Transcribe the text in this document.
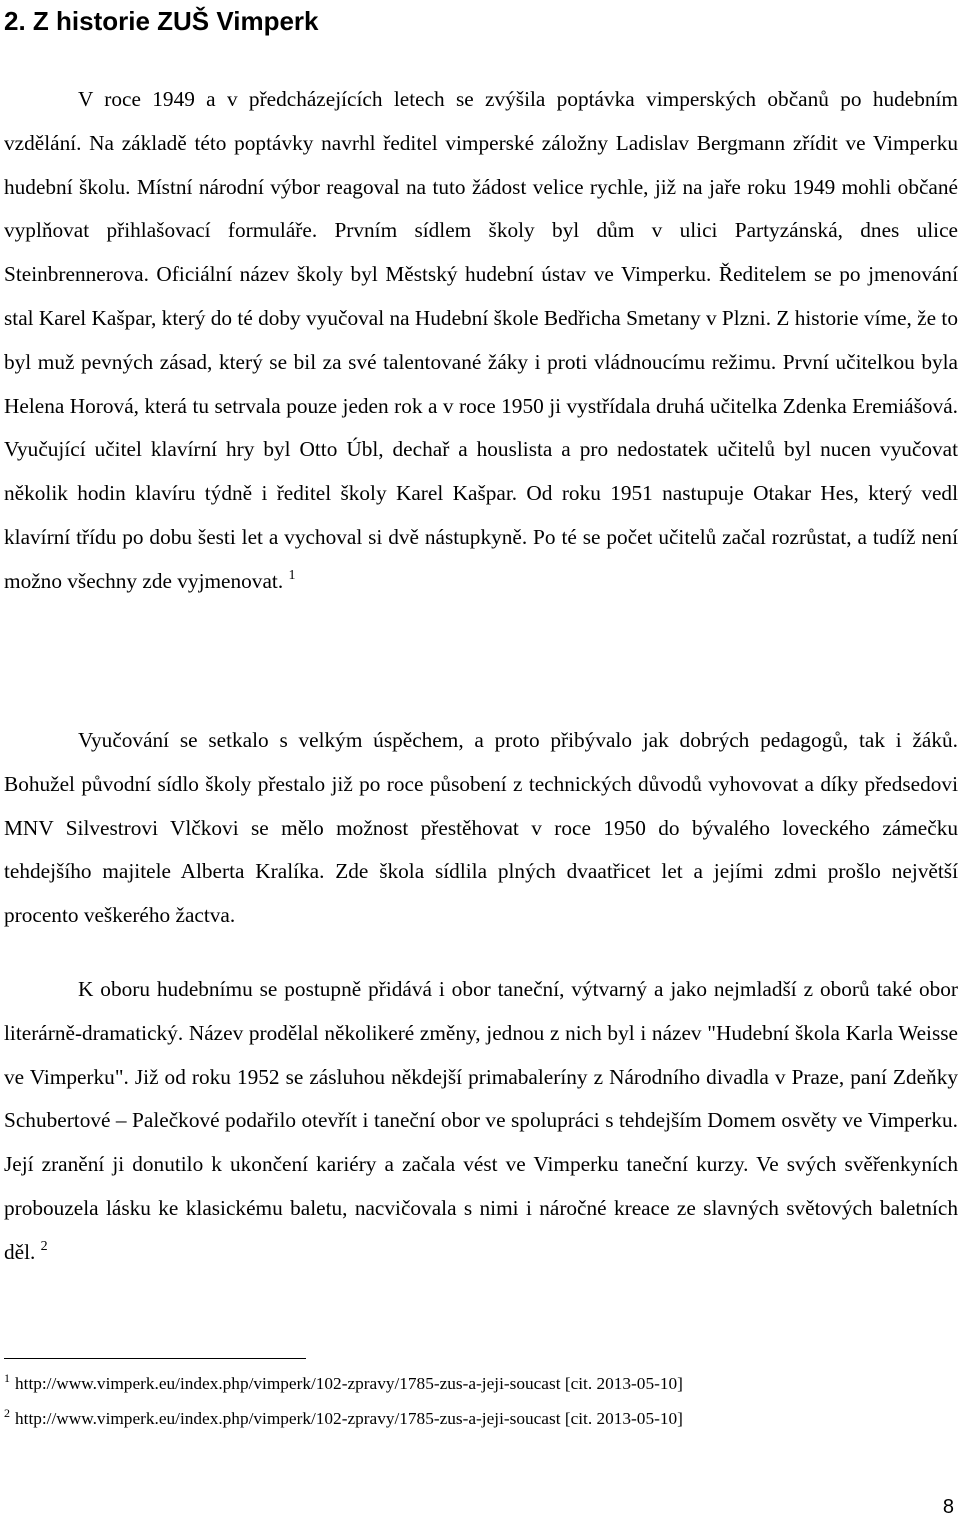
2. Z historie ZUŠ Vimperk

V roce 1949 a v předcházejících letech se zvýšila poptávka vimperských občanů po hudebním vzdělání. Na základě této poptávky navrhl ředitel vimperské záložny Ladislav Bergmann zřídit ve Vimperku hudební školu. Místní národní výbor reagoval na tuto žádost velice rychle, již na jaře roku 1949 mohli občané vyplňovat přihlašovací formuláře. Prvním sídlem školy byl dům v ulici Partyzánská, dnes ulice Steinbrennerova. Oficiální název školy byl Městský hudební ústav ve Vimperku. Ředitelem se po jmenování stal Karel Kašpar, který do té doby vyučoval na Hudební škole Bedřicha Smetany v Plzni. Z historie víme, že to byl muž pevných zásad, který se bil za své talentované žáky i proti vládnoucímu režimu. První učitelkou byla Helena Horová, která tu setrvala pouze jeden rok a v roce 1950 ji vystřídala druhá učitelka Zdenka Eremiášová. Vyučující učitel klavírní hry byl Otto Úbl, dechař a houslista a pro nedostatek učitelů byl nucen vyučovat několik hodin klavíru týdně i ředitel školy Karel Kašpar. Od roku 1951 nastupuje Otakar Hes, který vedl klavírní třídu po dobu šesti let a vychoval si dvě nástupkyně. Po té se počet učitelů začal rozrůstat, a tudíž není možno všechny zde vyjmenovat. $^1$

Vyučování se setkalo s velkým úspěchem, a proto přibývalo jak dobrých pedagogů, tak i žáků. Bohužel původní sídlo školy přestalo již po roce působení z technických důvodů vyhovovat a díky předsedovi MNV Silvestrovi Vlčkovi se mělo možnost přestěhovat v roce 1950 do bývalého loveckého zámečku tehdejšího majitele Alberta Kralíka. Zde škola sídlila plných dvaatřicet let a jejími zdmi prošlo největší procento veškerého žactva.

K oboru hudebnímu se postupně přidává i obor taneční, výtvarný a jako nejmladší z oborů také obor literárně-dramatický. Název prodělal několikeré změny, jednou z nich byl i název "Hudební škola Karla Weisse ve Vimperku". Již od roku 1952 se zásluhou někdejší primabaleríny z Národního divadla v Praze, paní Zdeňky Schubertové – Palečkové podařilo otevřít i taneční obor ve spolupráci s tehdejším Domem osvěty ve Vimperku. Její zranění ji donutilo k ukončení kariéry a začala vést ve Vimperku taneční kurzy. Ve svých svěřenkyních probouzela lásku ke klasickému baletu, nacvičovala s nimi i náročné kreace ze slavných světových baletních děl. $^2$

$^1$ http://www.vimperk.eu/index.php/vimperk/102-zpravy/1785-zus-a-jeji-soucast [cit. 2013-05-10]
$^2$ http://www.vimperk.eu/index.php/vimperk/102-zpravy/1785-zus-a-jeji-soucast [cit. 2013-05-10]
8
